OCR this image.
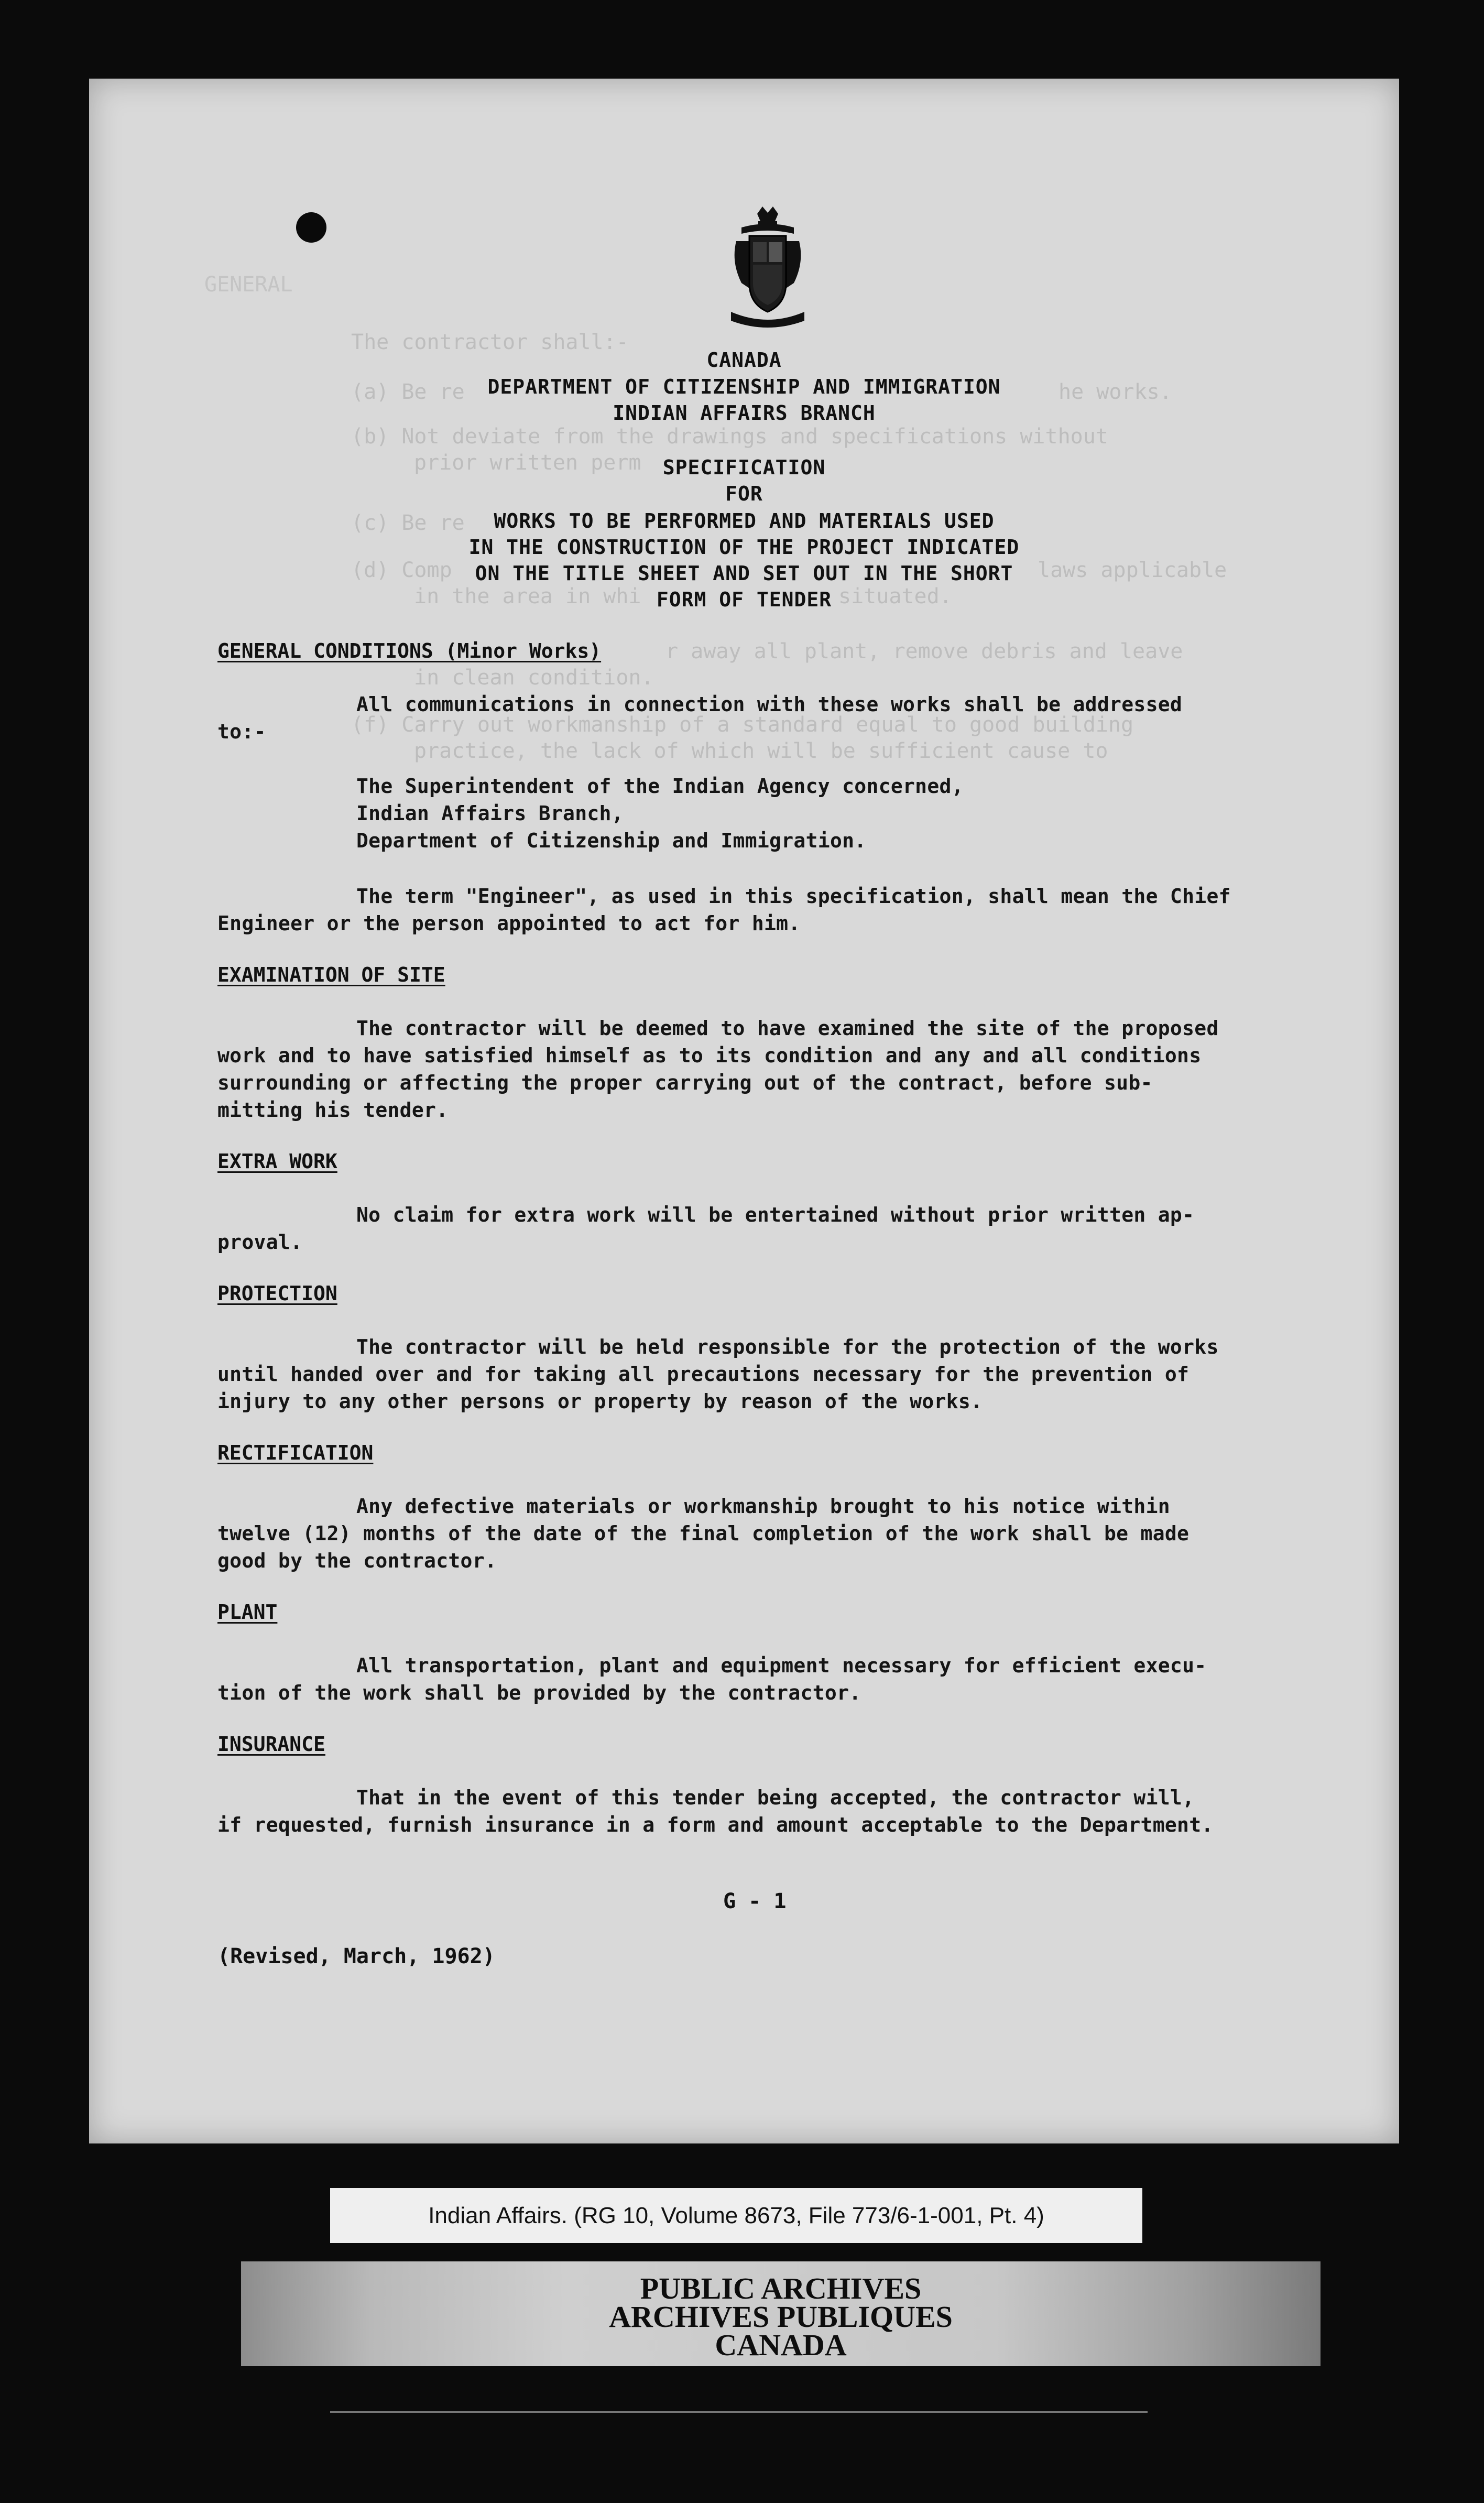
GENERAL
The contractor shall:-
(a) Be re	he works.
(b) Not deviate from the drawings and specifications without
prior written perm
(c) Be re
(d) Comp	laws applicable
in the area in whi	situated.
r away all plant, remove debris and leave
in clean condition.
(f) Carry out workmanship of a standard equal to good building
practice, the lack of which will be sufficient cause to
CANADA
DEPARTMENT OF CITIZENSHIP AND IMMIGRATION
INDIAN AFFAIRS BRANCH
SPECIFICATION
FOR
WORKS TO BE PERFORMED AND MATERIALS USED
IN THE CONSTRUCTION OF THE PROJECT INDICATED
ON THE TITLE SHEET AND SET OUT IN THE SHORT
FORM OF TENDER
GENERAL CONDITIONS (Minor Works)
All communications in connection with these works shall be addressed
to:-
The Superintendent of the Indian Agency concerned,
Indian Affairs Branch,
Department of Citizenship and Immigration.
The term "Engineer", as used in this specification, shall mean the Chief
Engineer or the person appointed to act for him.
EXAMINATION OF SITE
The contractor will be deemed to have examined the site of the proposed
work and to have satisfied himself as to its condition and any and all conditions
surrounding or affecting the proper carrying out of the contract, before sub-
mitting his tender.
EXTRA WORK
No claim for extra work will be entertained without prior written ap-
proval.
PROTECTION
The contractor will be held responsible for the protection of the works
until handed over and for taking all precautions necessary for the prevention of
injury to any other persons or property by reason of the works.
RECTIFICATION
Any defective materials or workmanship brought to his notice within
twelve (12) months of the date of the final completion of the work shall be made
good by the contractor.
PLANT
All transportation, plant and equipment necessary for efficient execu-
tion of the work shall be provided by the contractor.
INSURANCE
That in the event of this tender being accepted, the contractor will,
if requested, furnish insurance in a form and amount acceptable to the Department.
G - 1
(Revised, March, 1962)
Indian Affairs. (RG 10, Volume 8673, File 773/6-1-001, Pt. 4)
PUBLIC ARCHIVES
ARCHIVES PUBLIQUES
CANADA
